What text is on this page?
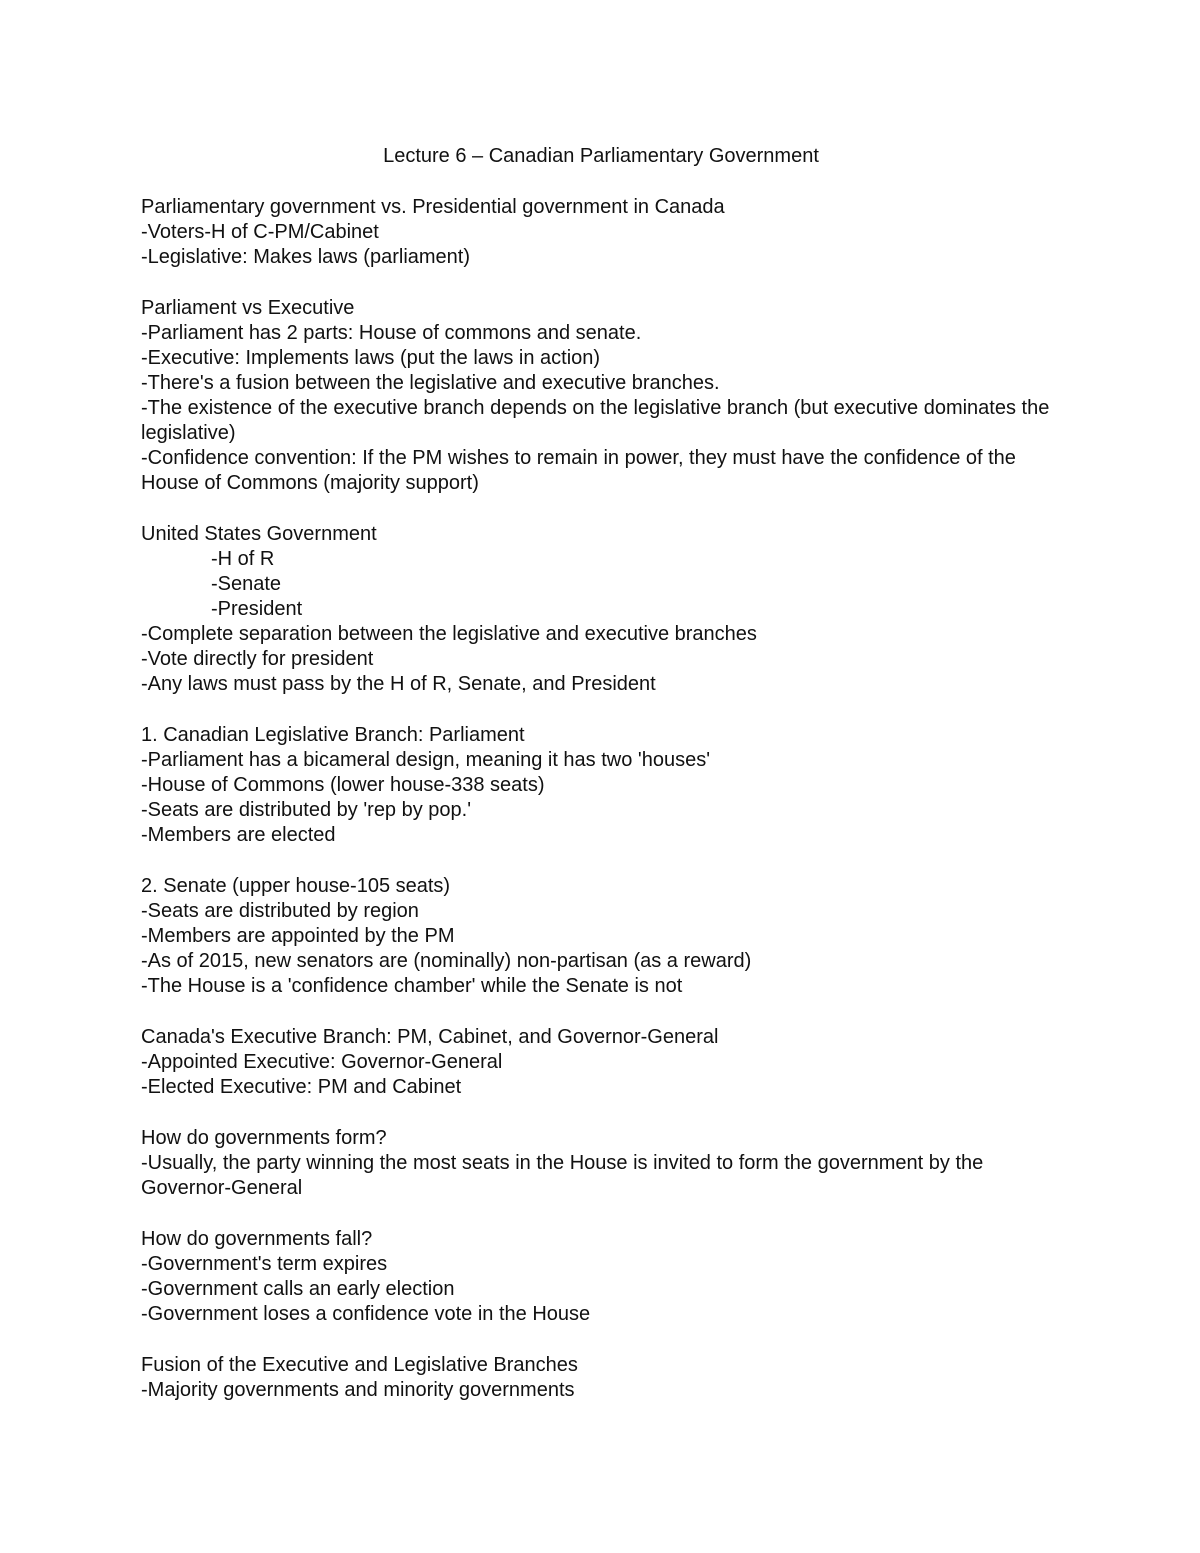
Lecture 6 – Canadian Parliamentary Government
Parliamentary government vs. Presidential government in Canada
-Voters-H of C-PM/Cabinet
-Legislative: Makes laws (parliament)
Parliament vs Executive
-Parliament has 2 parts: House of commons and senate.
-Executive: Implements laws (put the laws in action)
-There's a fusion between the legislative and executive branches.
-The existence of the executive branch depends on the legislative branch (but executive dominates the legislative)
-Confidence convention: If the PM wishes to remain in power, they must have the confidence of the House of Commons (majority support)
United States Government
-H of R
-Senate
-President
-Complete separation between the legislative and executive branches
-Vote directly for president
-Any laws must pass by the H of R, Senate, and President
1. Canadian Legislative Branch: Parliament
-Parliament has a bicameral design, meaning it has two 'houses'
-House of Commons (lower house-338 seats)
-Seats are distributed by 'rep by pop.'
-Members are elected
2. Senate (upper house-105 seats)
-Seats are distributed by region
-Members are appointed by the PM
-As of 2015, new senators are (nominally) non-partisan (as a reward)
-The House is a 'confidence chamber' while the Senate is not
Canada's Executive Branch: PM, Cabinet, and Governor-General
-Appointed Executive: Governor-General
-Elected Executive: PM and Cabinet
How do governments form?
-Usually, the party winning the most seats in the House is invited to form the government by the Governor-General
How do governments fall?
-Government's term expires
-Government calls an early election
-Government loses a confidence vote in the House
Fusion of the Executive and Legislative Branches
-Majority governments and minority governments
